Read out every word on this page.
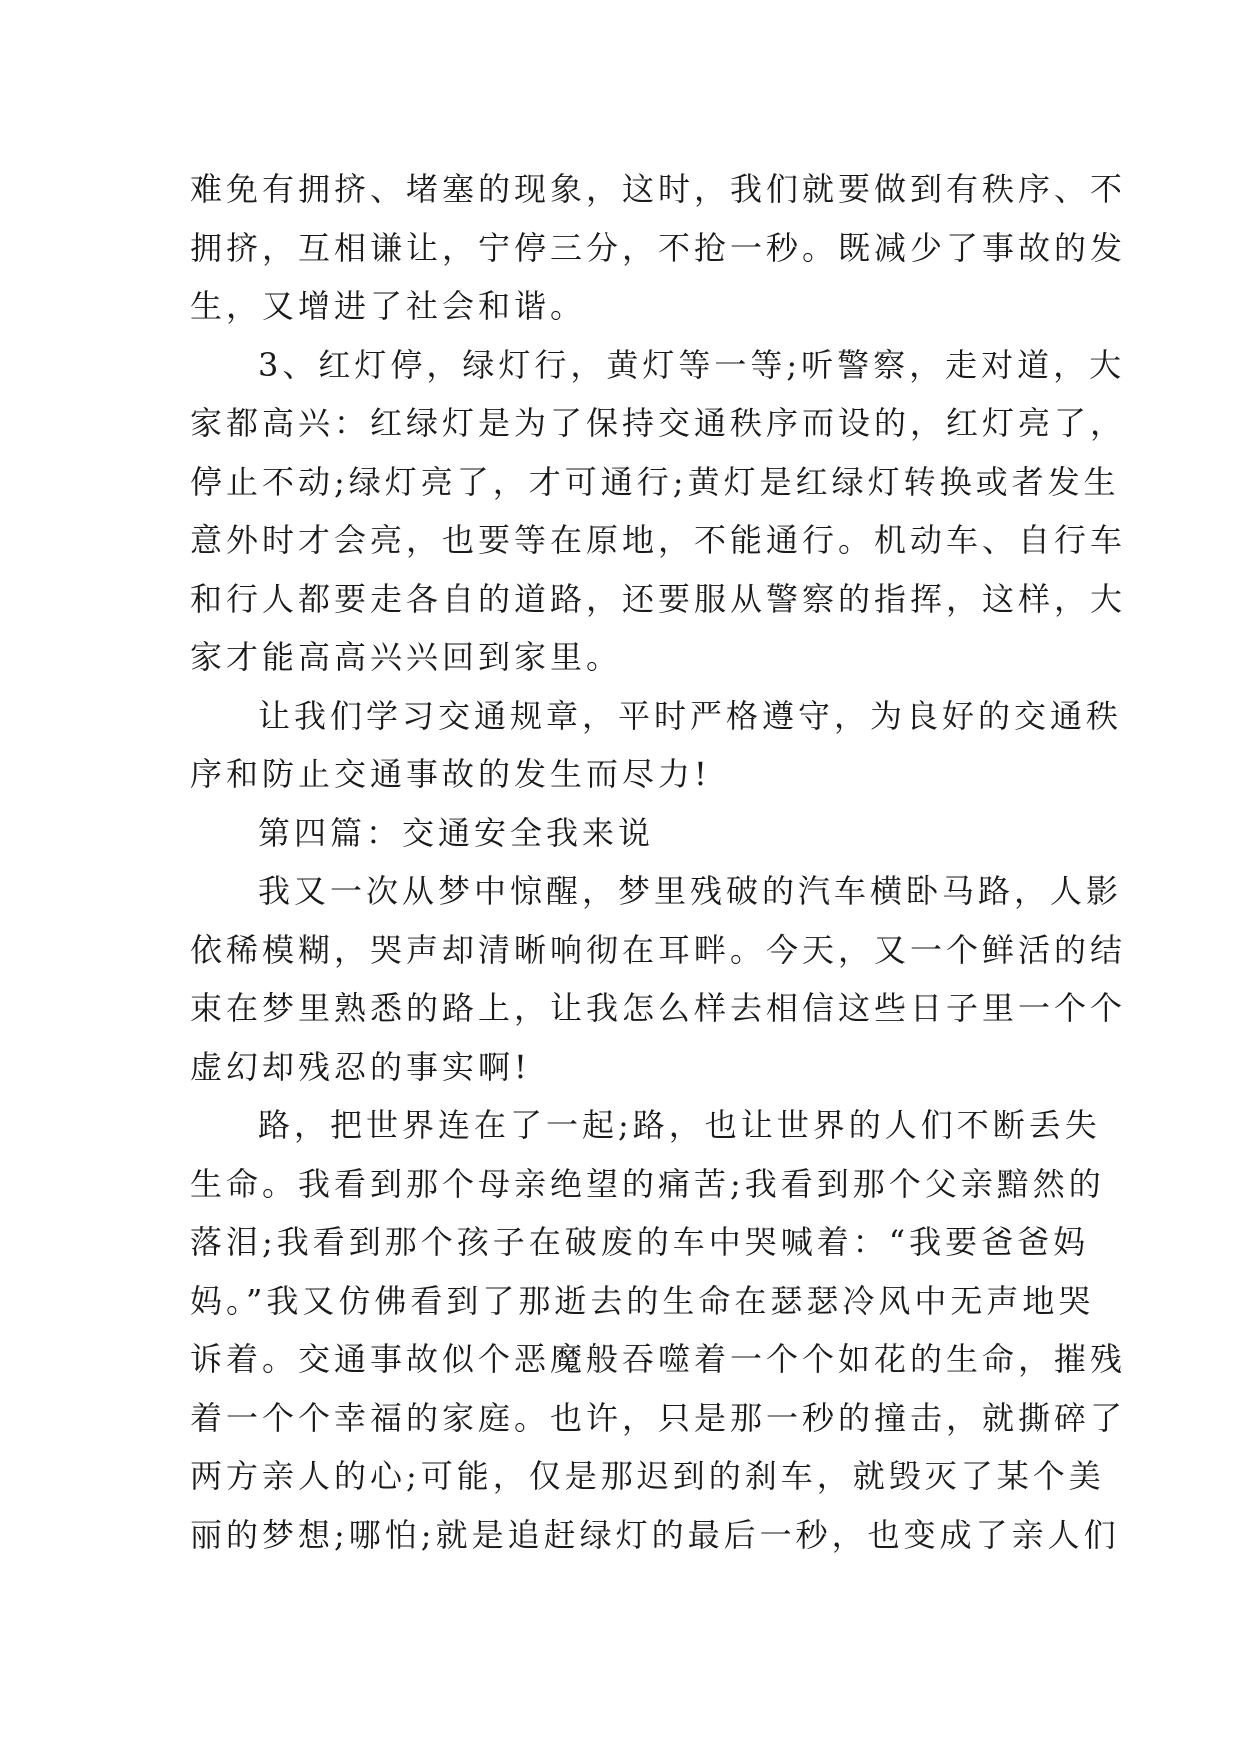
难免有拥挤、堵塞的现象，这时，我们就要做到有秩序、不
拥挤，互相谦让，宁停三分，不抢一秒。既减少了事故的发
生，又增进了社会和谐。
3、红灯停，绿灯行，黄灯等一等;听警察，走对道，大
家都高兴：红绿灯是为了保持交通秩序而设的，红灯亮了，
停止不动;绿灯亮了，才可通行;黄灯是红绿灯转换或者发生
意外时才会亮，也要等在原地，不能通行。机动车、自行车
和行人都要走各自的道路，还要服从警察的指挥，这样，大
家才能高高兴兴回到家里。
让我们学习交通规章，平时严格遵守，为良好的交通秩
序和防止交通事故的发生而尽力!
第四篇：交通安全我来说
我又一次从梦中惊醒，梦里残破的汽车横卧马路，人影
依稀模糊，哭声却清晰响彻在耳畔。今天，又一个鲜活的结
束在梦里熟悉的路上，让我怎么样去相信这些日子里一个个
虚幻却残忍的事实啊!
路，把世界连在了一起;路，也让世界的人们不断丢失
生命。我看到那个母亲绝望的痛苦;我看到那个父亲黯然的
落泪;我看到那个孩子在破废的车中哭喊着：“我要爸爸妈
妈。”我又仿佛看到了那逝去的生命在瑟瑟冷风中无声地哭
诉着。交通事故似个恶魔般吞噬着一个个如花的生命，摧残
着一个个幸福的家庭。也许，只是那一秒的撞击，就撕碎了
两方亲人的心;可能，仅是那迟到的刹车，就毁灭了某个美
丽的梦想;哪怕;就是追赶绿灯的最后一秒，也变成了亲人们
